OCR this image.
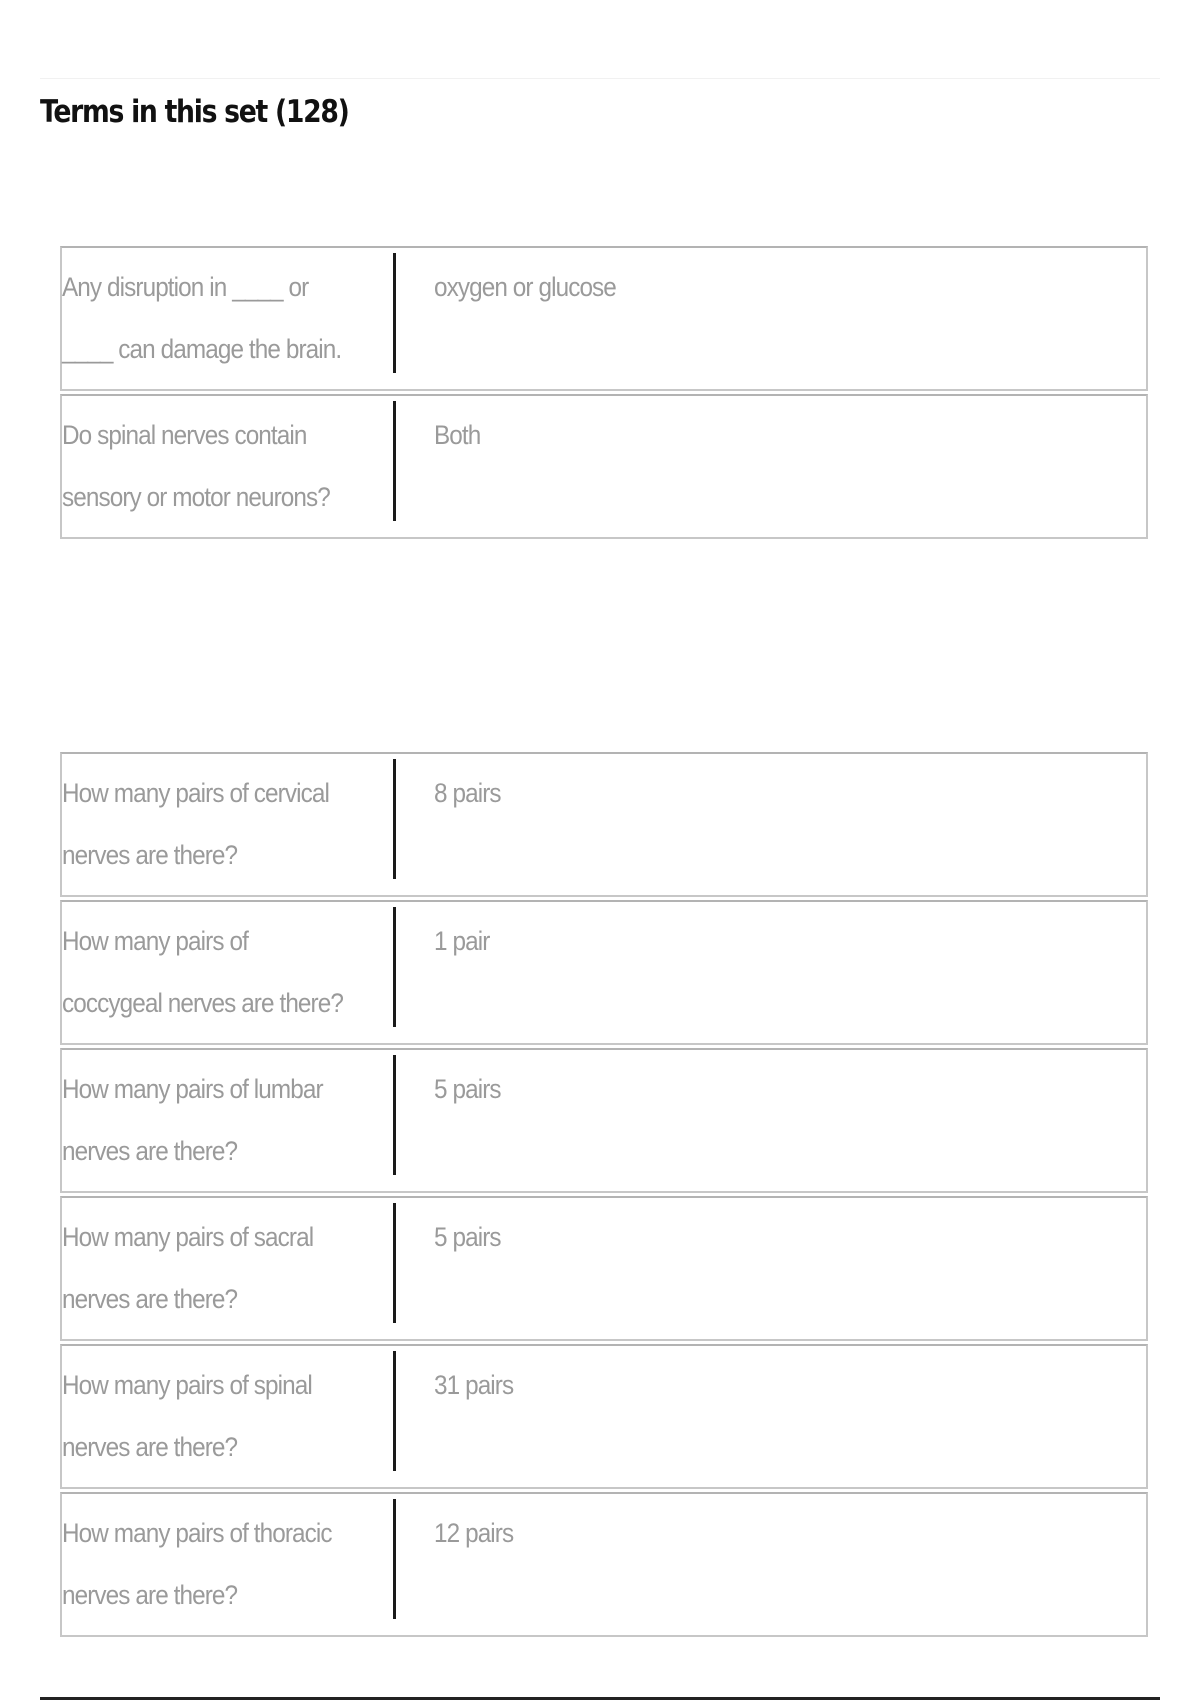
Terms in this set (128)
Any disruption in ____ or ____ can damage the brain.
oxygen or glucose
Do spinal nerves contain sensory or motor neurons?
Both
How many pairs of cervical nerves are there?
8 pairs
How many pairs of coccygeal nerves are there?
1 pair
How many pairs of lumbar nerves are there?
5 pairs
How many pairs of sacral nerves are there?
5 pairs
How many pairs of spinal nerves are there?
31 pairs
How many pairs of thoracic nerves are there?
12 pairs
